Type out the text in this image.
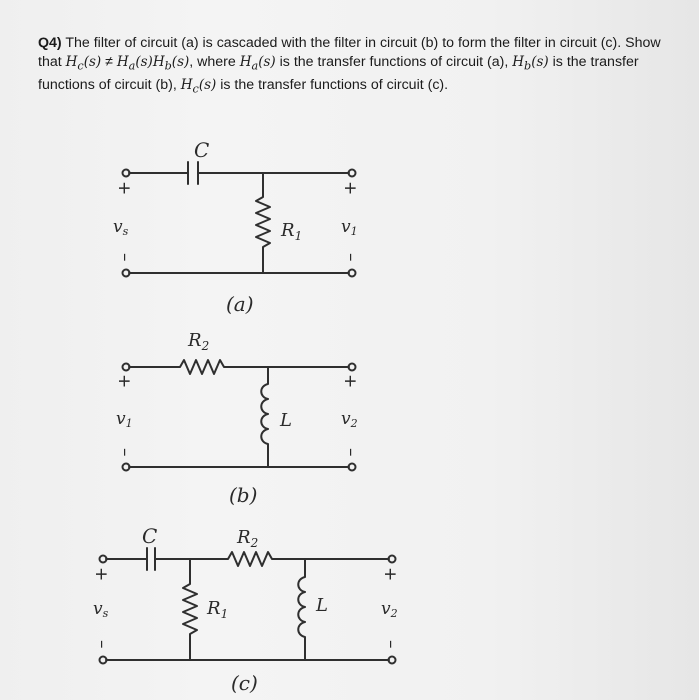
Q4) The filter of circuit (a) is cascaded with the filter in circuit (b) to form the filter in circuit (c). Show that $H_c(s) \ne H_a(s)H_b(s)$, where $H_a(s)$ is the transfer functions of circuit (a), $H_b(s)$ is the transfer functions of circuit (b), $H_c(s)$ is the transfer functions of circuit (c).
C
$R_1$
+
–
vs
+
–
v1
(a)
$R_2$
L
+
–
v1
+
–
v2
(b)
C	$R_2$
$R_1$	L
+
–
vs
+
–
v2
(c)
